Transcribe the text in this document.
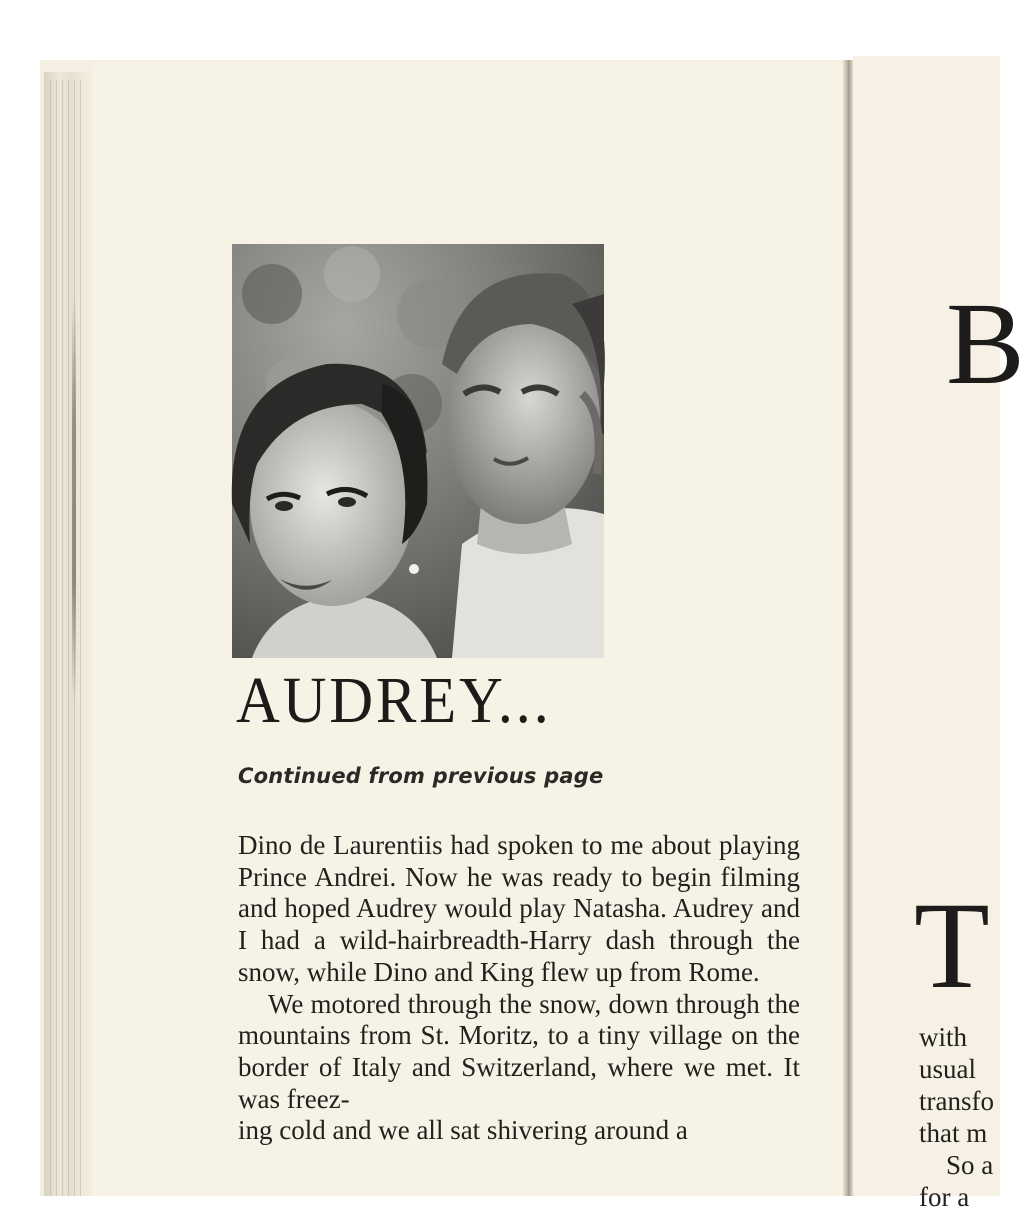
AUDREY...

Continued from previous page

Dino de Laurentiis had spoken to me about playing Prince Andrei. Now he was ready to begin filming and hoped Audrey would play Natasha. Audrey and I had a wild-hairbreadth-Harry dash through the snow, while Dino and King flew up from Rome.

We motored through the snow, down through the mountains from St. Moritz, to a tiny village on the border of Italy and Switzerland, where we met. It was freez-

ing cold and we all sat shivering around a

B
T
with
usual
transfo
that m
So a
for a
